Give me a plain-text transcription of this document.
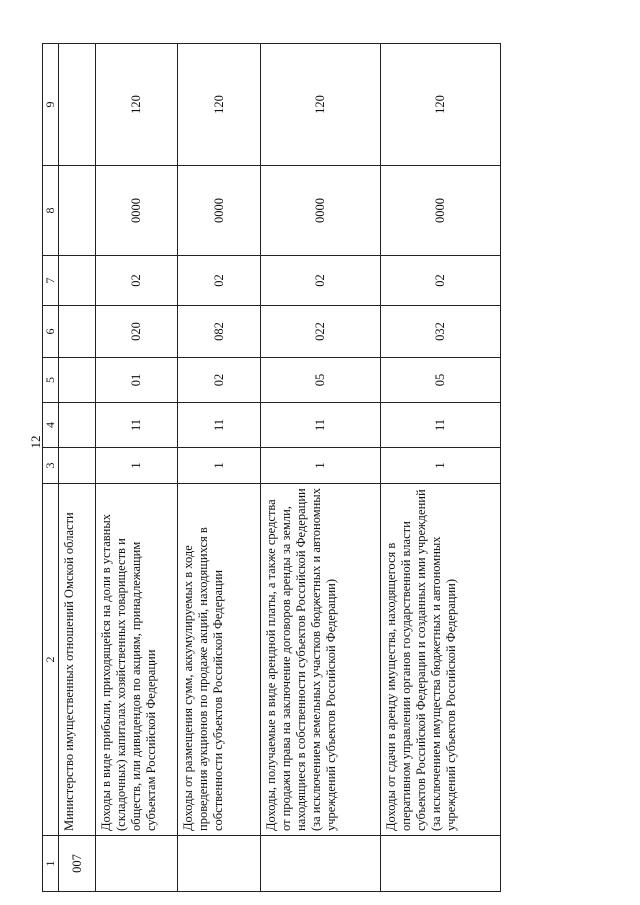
12
1	2	3	4	5	6	7	8	9
007	Министерство имущественных отношений Омской области							
	Доходы в виде прибыли, приходящейся на доли в уставных (складочных) капиталах хозяйственных товариществ и обществ, или дивидендов по акциям, принадлежащим субъектам Российской Федерации	1	11	01	020	02	0000	120
	Доходы от размещения сумм, аккумулируемых в ходе проведения аукционов по продаже акций, находящихся в собственности субъектов Российской Федерации	1	11	02	082	02	0000	120
	Доходы, получаемые в виде арендной платы, а также средства от продажи права на заключение договоров аренды за земли, находящиеся в собственности субъектов Российской Федерации (за исключением земельных участков бюджетных и автономных учреждений субъектов Российской Федерации)	1	11	05	022	02	0000	120
	Доходы от сдачи в аренду имущества, находящегося в оперативном управлении органов государственной власти субъектов Российской Федерации и созданных ими учреждений (за исключением имущества бюджетных и автономных учреждений субъектов Российской Федерации)	1	11	05	032	02	0000	120
